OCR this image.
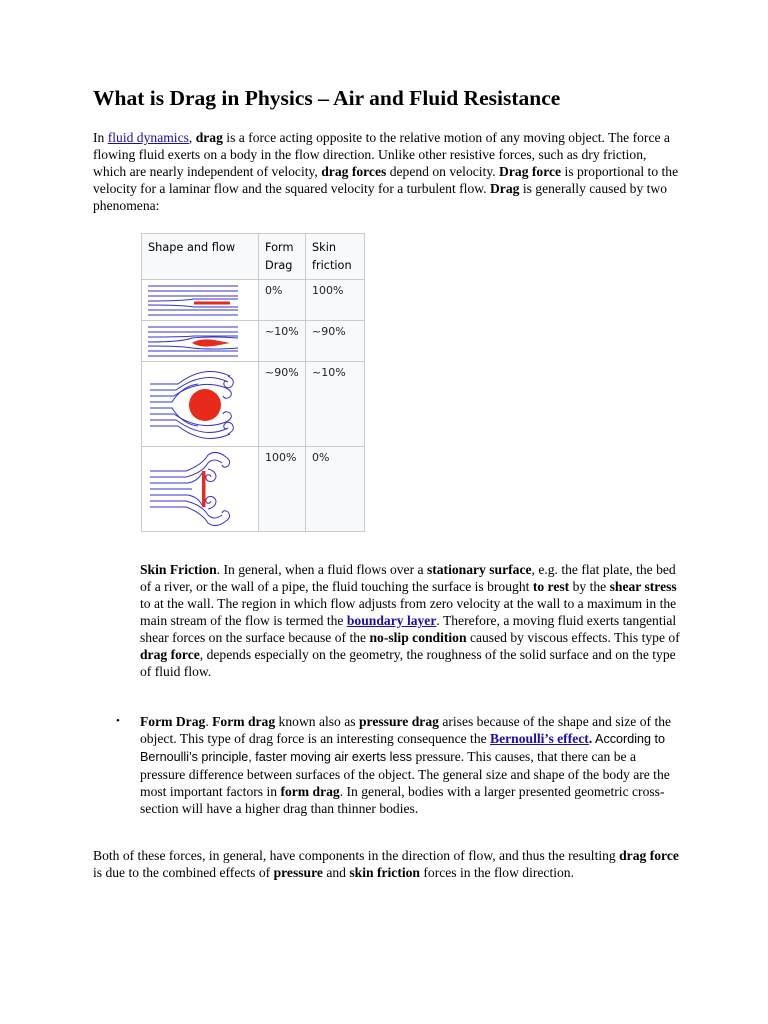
What is Drag in Physics – Air and Fluid Resistance

In fluid dynamics, drag is a force acting opposite to the relative motion of any moving object. The force a flowing fluid exerts on a body in the flow direction. Unlike other resistive forces, such as dry friction, which are nearly independent of velocity, drag forces depend on velocity. Drag force is proportional to the velocity for a laminar flow and the squared velocity for a turbulent flow. Drag is generally caused by two phenomena:

Shape and flow	Form Drag	Skin friction

	0%	100%

	~10%	~90%

	~90%	~10%

	100%	0%

Skin Friction. In general, when a fluid flows over a stationary surface, e.g. the flat plate, the bed of a river, or the wall of a pipe, the fluid touching the surface is brought to rest by the shear stress to at the wall. The region in which flow adjusts from zero velocity at the wall to a maximum in the main stream of the flow is termed the boundary layer. Therefore, a moving fluid exerts tangential shear forces on the surface because of the no-slip condition caused by viscous effects. This type of drag force, depends especially on the geometry, the roughness of the solid surface and on the type of fluid flow.

• Form Drag. Form drag known also as pressure drag arises because of the shape and size of the object. This type of drag force is an interesting consequence the Bernoulli’s effect. According to Bernoulli’s principle, faster moving air exerts less pressure. This causes, that there can be a pressure difference between surfaces of the object. The general size and shape of the body are the most important factors in form drag. In general, bodies with a larger presented geometric cross-section will have a higher drag than thinner bodies.

Both of these forces, in general, have components in the direction of flow, and thus the resulting drag force is due to the combined effects of pressure and skin friction forces in the flow direction.
